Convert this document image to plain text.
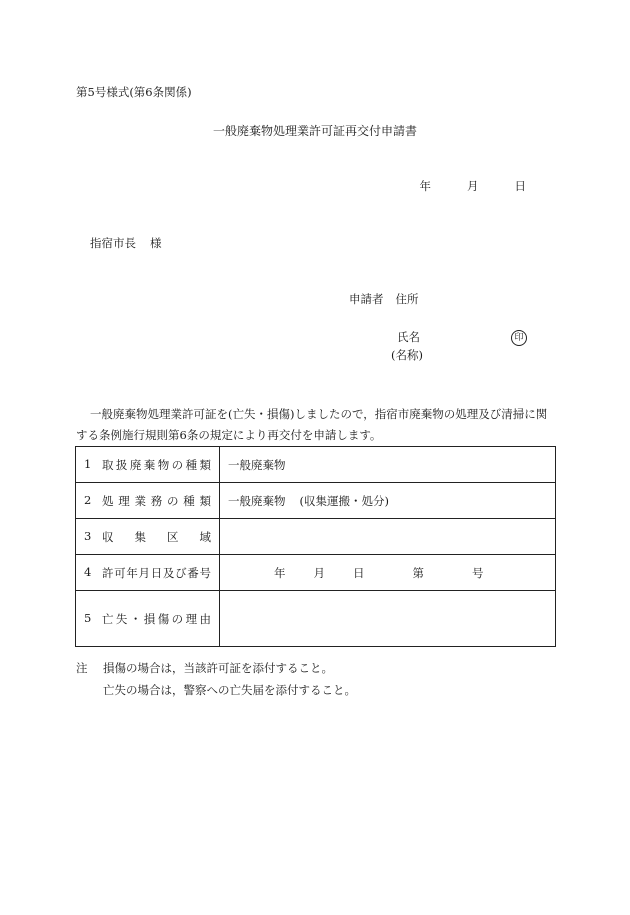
第5号様式(第6条関係)
一般廃棄物処理業許可証再交付申請書
年	月	日
指宿市長 様
申請者 住所
氏名	印
(名称)

一般廃棄物処理業許可証を(亡失・損傷)しましたので，指宿市廃棄物の処理及び清掃に関する条例施行規則第6条の規定により再交付を申請します。

1 取扱廃棄物の種類	一般廃棄物

2 処理業務の種類	一般廃棄物 (収集運搬・処分)

3 収集区域	

4 許可年月日及び番号	年 月 日 第 号

5 亡失・損傷の理由	

注 損傷の場合は，当該許可証を添付すること。
亡失の場合は，警察への亡失届を添付すること。
